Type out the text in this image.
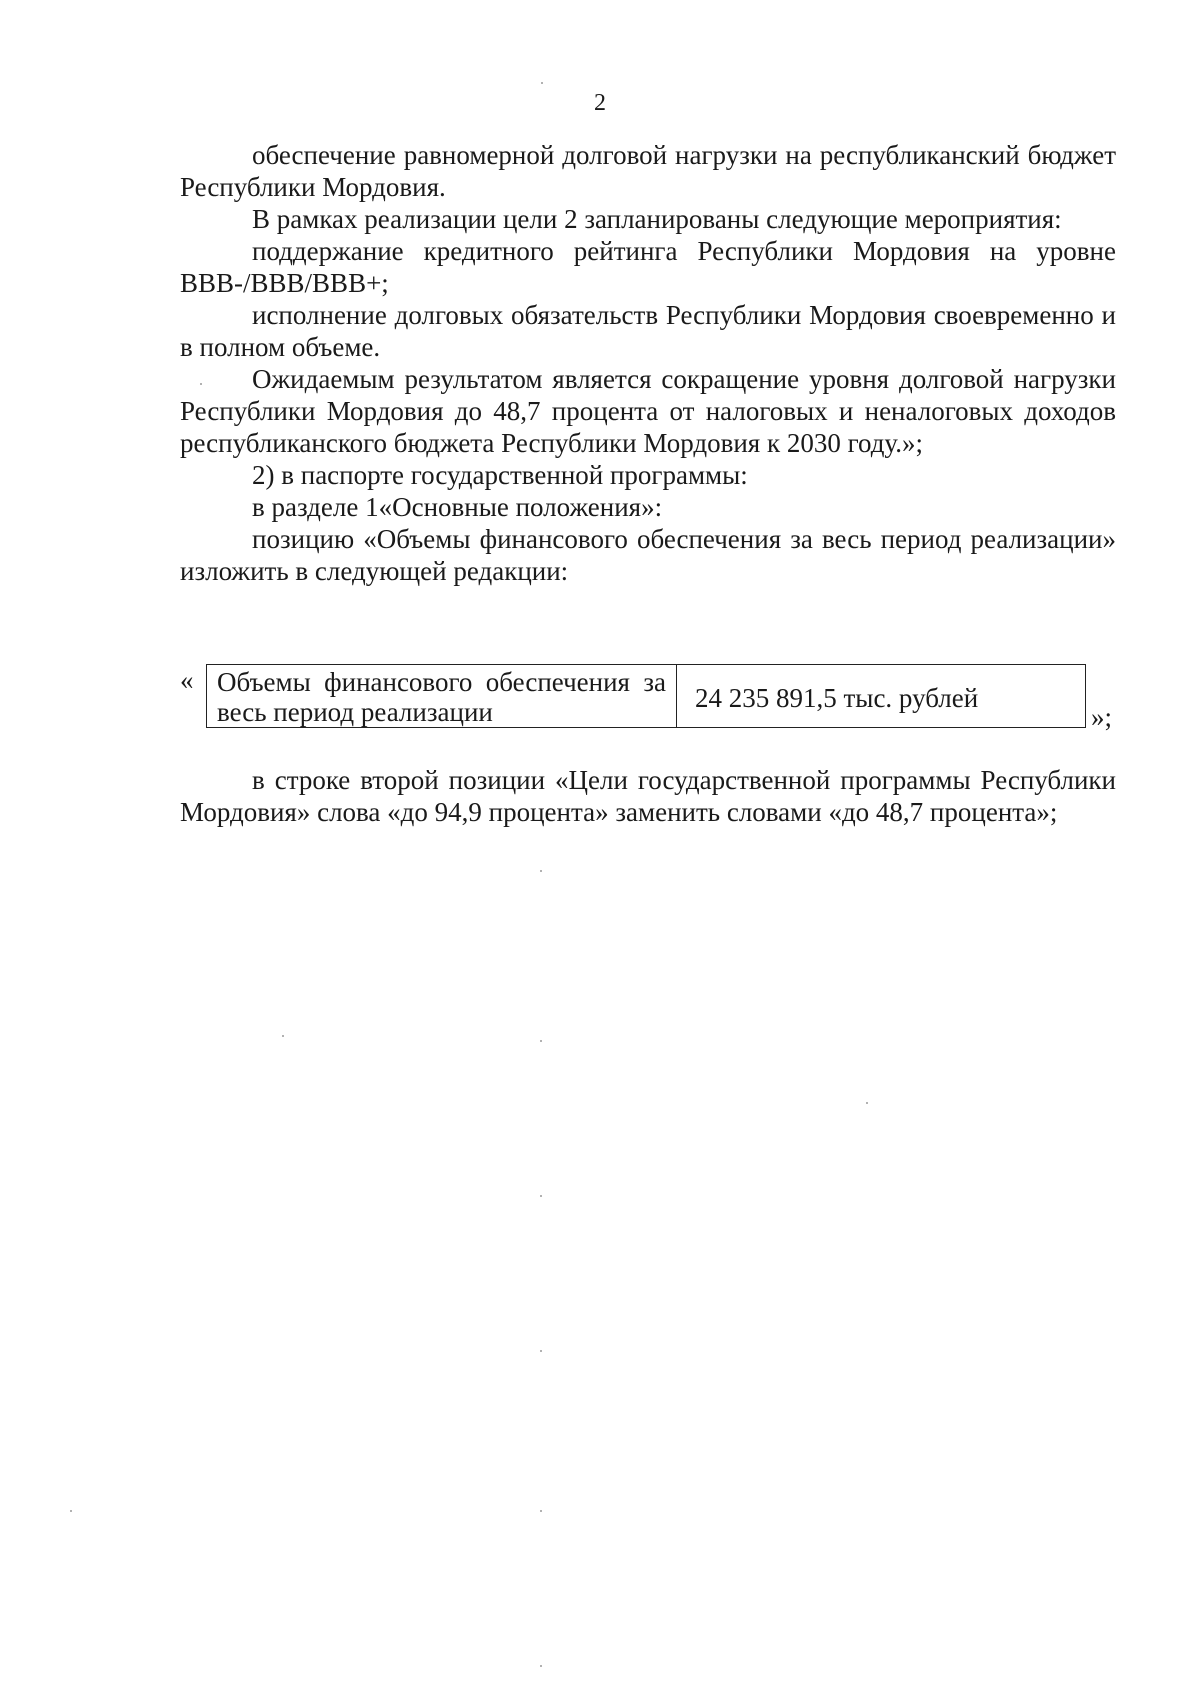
2

обеспечение равномерной долговой нагрузки на республиканский бюджет Республики Мордовия.

В рамках реализации цели 2 запланированы следующие мероприятия:

поддержание кредитного рейтинга Республики Мордовия на уровне BBB-/BBB/BBB+;

исполнение долговых обязательств Республики Мордовия своевременно и в полном объеме.

Ожидаемым результатом является сокращение уровня долговой нагрузки Республики Мордовия до 48,7 процента от налоговых и неналоговых доходов республиканского бюджета Республики Мордовия к 2030 году.»;

2) в паспорте государственной программы:

в разделе 1«Основные положения»:

позицию «Объемы финансового обеспечения за весь период реализации» изложить в следующей редакции:

« Объемы финансового обеспечения за весь период реализации	24 235 891,5 тыс. рублей
»;

в строке второй позиции «Цели государственной программы Республики Мордовия» слова «до 94,9 процента» заменить словами «до 48,7 процента»;
